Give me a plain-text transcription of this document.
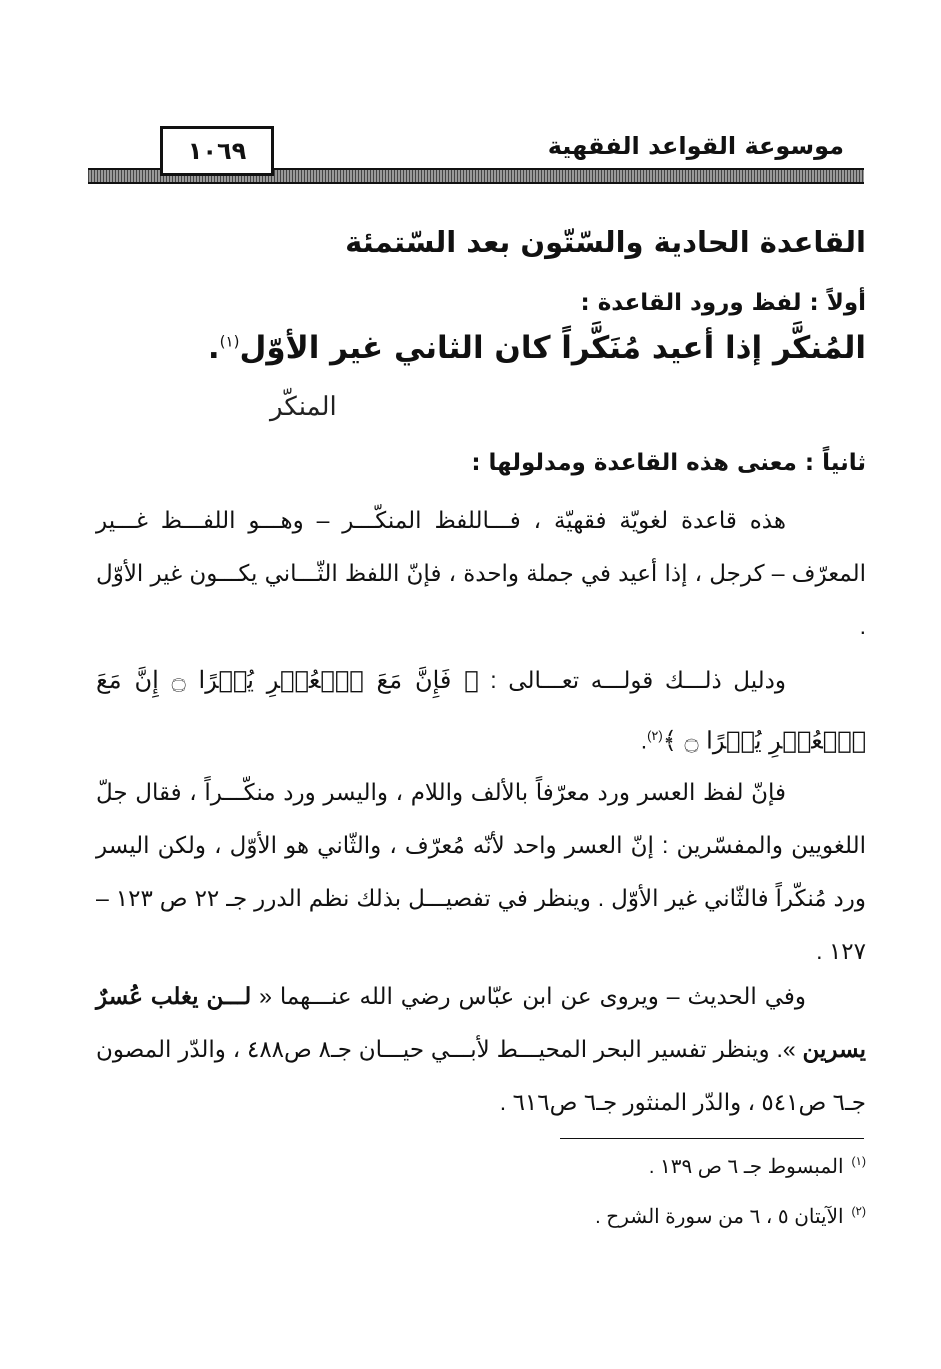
١٠٦٩	موسوعة القواعد الفقهية
القاعدة الحادية والسّتّون بعد السّتمئة
أولاً : لفظ ورود القاعدة :
المُنكَّر إذا أعيد مُنَكَّراً كان الثاني غير الأوّل$^{(١)}$.
المنكّر
ثانياً : معنى هذه القاعدة ومدلولها :
هذه قاعدة لغويّة فقهيّة ، فـــاللفظ المنكّـــر – وهـــو اللفـــظ غـــير المعرّف – كرجل ، إذا أعيد في جملة واحدة ، فإنّ اللفظ الثّـــاني يكـــون غير الأوّل .
ودليل ذلـــك قولـــه تعـــالى : ﴿ فَإِنَّ مَعَ ٱلۡعُسۡرِ يُسۡرًا ۝ إِنَّ مَعَ ٱلۡعُسۡرِ يُسۡرًا ۝ ﴾$^{(٢)}$.
فإنّ لفظ العسر ورد معرّفاً بالألف واللام ، واليسر ورد منكّـــراً ، فقال جلّ اللغويين والمفسّرين : إنّ العسر واحد لأنّه مُعرّف ، والثّاني هو الأوّل ، ولكن اليسر ورد مُنكّراً فالثّاني غير الأوّل . وينظر في تفصيـــل بذلك نظم الدرر جـ ٢٢ ص ١٢٣ – ١٢٧ .
وفي الحديث – ويروى عن ابن عبّاس رضي الله عنـــهما « لـــن يغلب عُسرٌ يسرين ». وينظر تفسير البحر المحيـــط لأبـــي حيـــان جـ٨ ص٤٨٨ ، والدّر المصون جـ٦ ص٥٤١ ، والدّر المنثور جـ٦ ص٦١٦ .
$^{(١)}$المبسوط جـ ٦ ص ١٣٩ .
$^{(٢)}$الآيتان ٥ ، ٦ من سورة الشرح .
